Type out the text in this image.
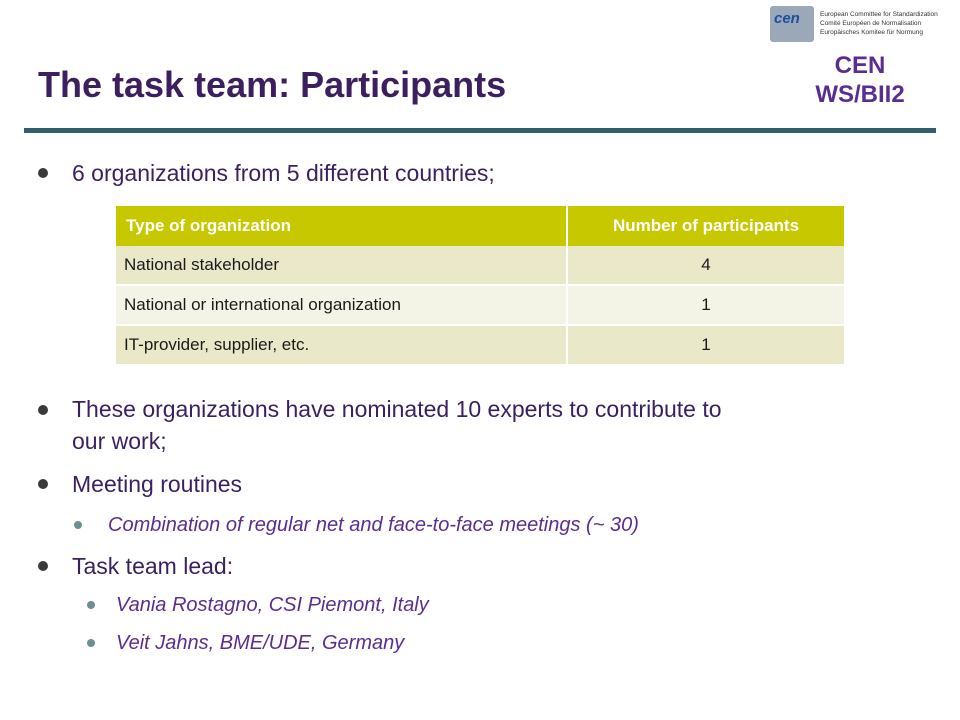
cen	European Committee for Standardization
Comité Européen de Normalisation
Europäisches Komitee für Normung
The task team: Participants	CEN
WS/BII2
6 organizations from 5 different countries;
Type of organization	Number of participants
National stakeholder	4
National or international organization	1
IT-provider, supplier, etc.	1
These organizations have nominated 10 experts to contribute to
our work;
Meeting routines
Combination of regular net and face-to-face meetings (~ 30)
Task team lead:
Vania Rostagno, CSI Piemont, Italy
Veit Jahns, BME/UDE, Germany
